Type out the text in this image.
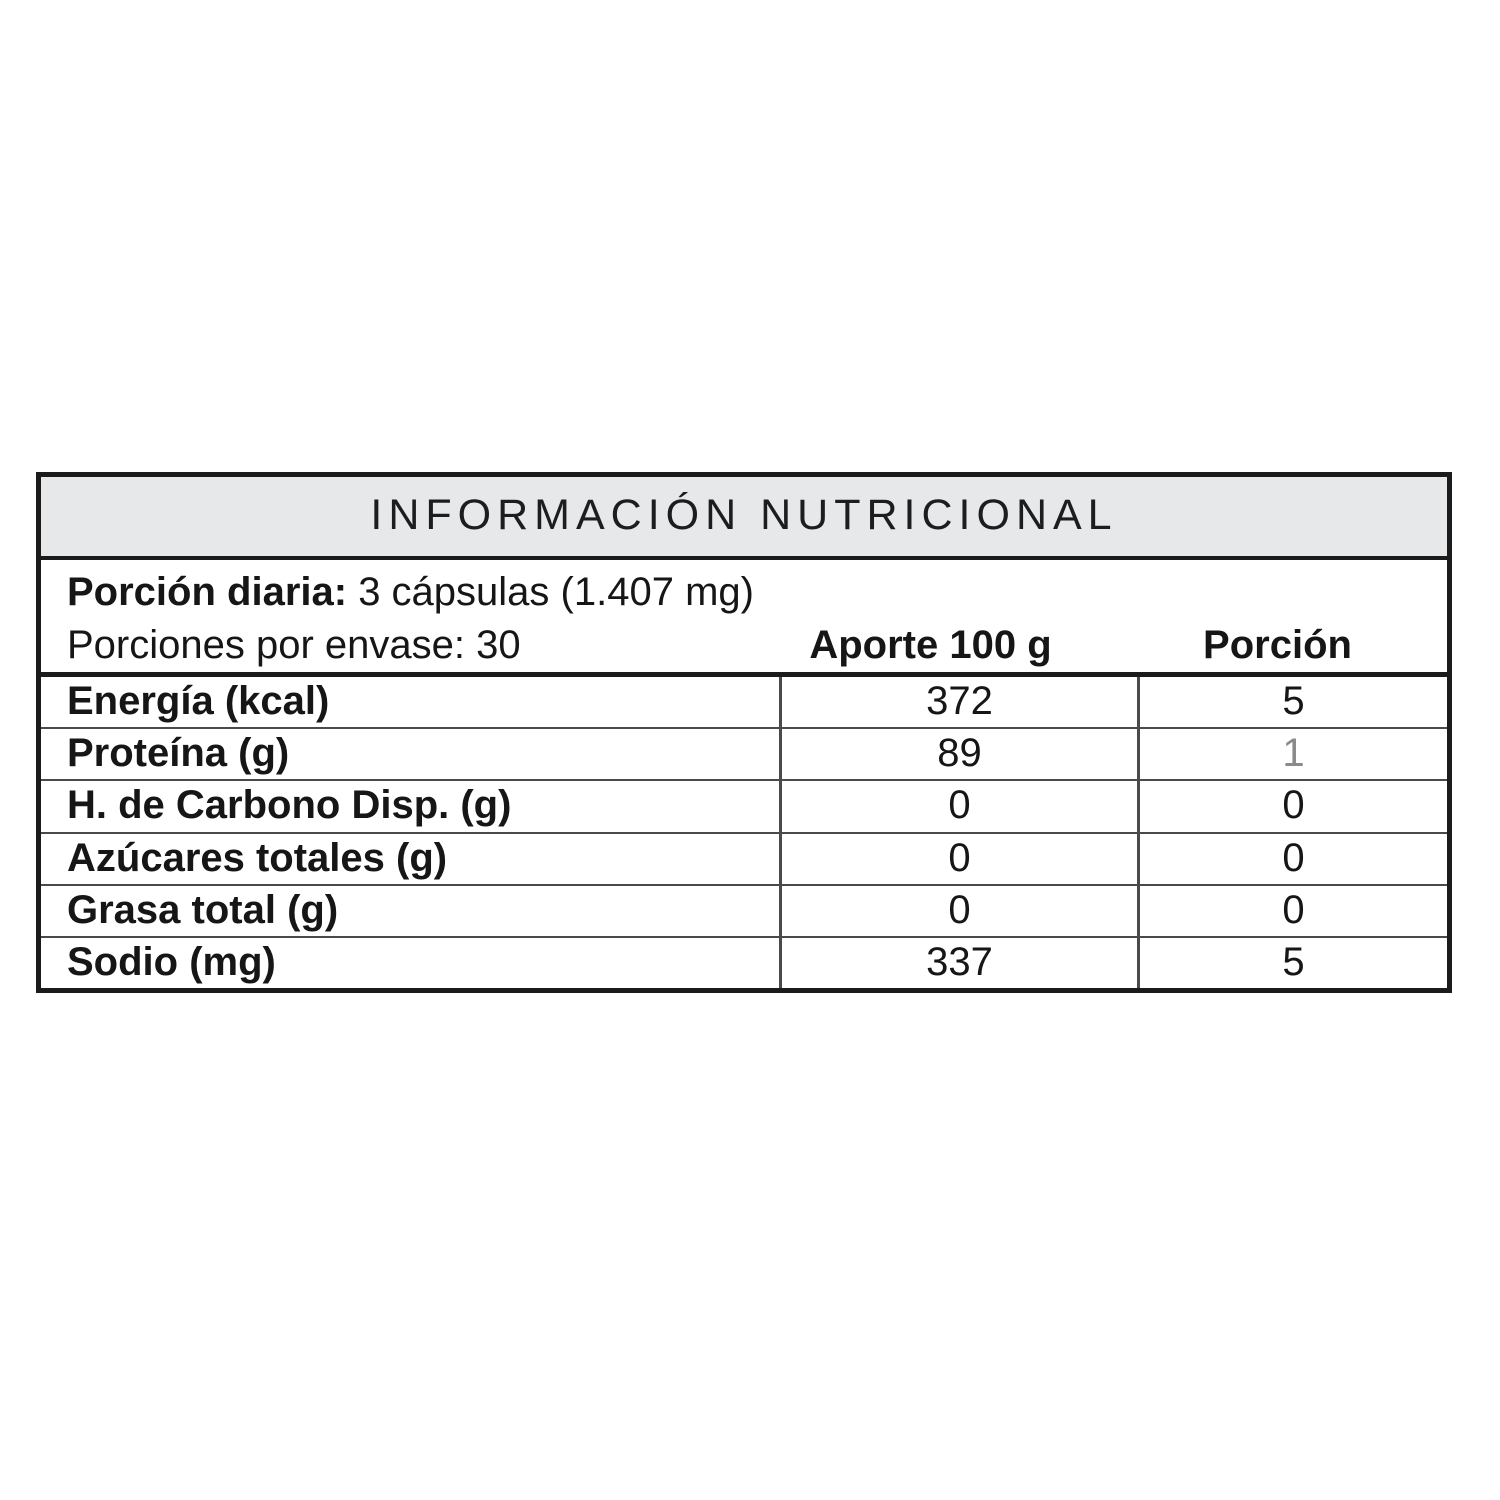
INFORMACIÓN NUTRICIONAL
Porción diaria: 3 cápsulas (1.407 mg)
Porciones por envase: 30	Aporte 100 g	Porción
Energía (kcal)	372	5
Proteína (g)	89	1
H. de Carbono Disp. (g)	0	0
Azúcares totales (g)	0	0
Grasa total (g)	0	0
Sodio (mg)	337	5
